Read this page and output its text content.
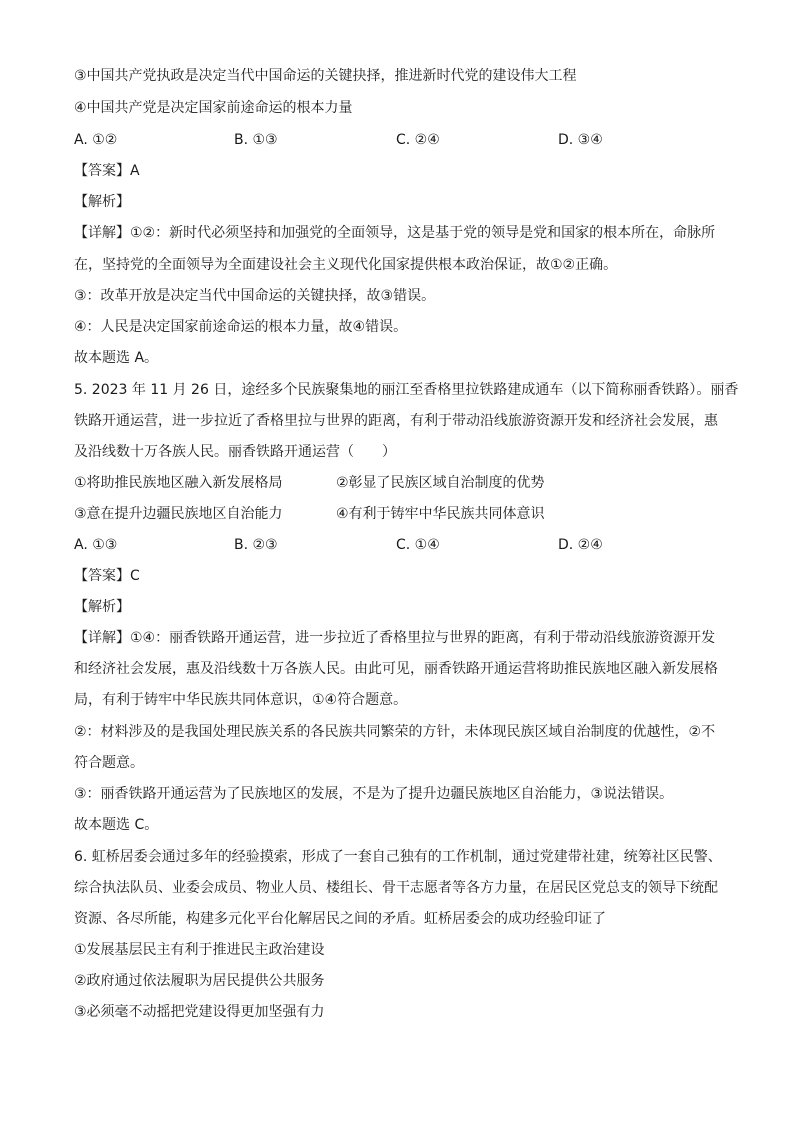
③中国共产党执政是决定当代中国命运的关键抉择，推进新时代党的建设伟大工程
④中国共产党是决定国家前途命运的根本力量
A. ①②	B. ①③	C. ②④	D. ③④
【答案】A
【解析】
【详解】①②：新时代必须坚持和加强党的全面领导，这是基于党的领导是党和国家的根本所在，命脉所
在，坚持党的全面领导为全面建设社会主义现代化国家提供根本政治保证，故①②正确。
③：改革开放是决定当代中国命运的关键抉择，故③错误。
④：人民是决定国家前途命运的根本力量，故④错误。
故本题选 A。
5. 2023 年 11 月 26 日，途经多个民族聚集地的丽江至香格里拉铁路建成通车（以下简称丽香铁路）。丽香
铁路开通运营，进一步拉近了香格里拉与世界的距离，有利于带动沿线旅游资源开发和经济社会发展，惠
及沿线数十万各族人民。丽香铁路开通运营（　　）
①将助推民族地区融入新发展格局	②彰显了民族区域自治制度的优势
③意在提升边疆民族地区自治能力	④有利于铸牢中华民族共同体意识
A. ①③	B. ②③	C. ①④	D. ②④
【答案】C
【解析】
【详解】①④：丽香铁路开通运营，进一步拉近了香格里拉与世界的距离，有利于带动沿线旅游资源开发
和经济社会发展，惠及沿线数十万各族人民。由此可见，丽香铁路开通运营将助推民族地区融入新发展格
局，有利于铸牢中华民族共同体意识，①④符合题意。
②：材料涉及的是我国处理民族关系的各民族共同繁荣的方针，未体现民族区域自治制度的优越性，②不
符合题意。
③：丽香铁路开通运营为了民族地区的发展，不是为了提升边疆民族地区自治能力，③说法错误。
故本题选 C。
6. 虹桥居委会通过多年的经验摸索，形成了一套自己独有的工作机制，通过党建带社建，统筹社区民警、
综合执法队员、业委会成员、物业人员、楼组长、骨干志愿者等各方力量，在居民区党总支的领导下统配
资源、各尽所能，构建多元化平台化解居民之间的矛盾。虹桥居委会的成功经验印证了
①发展基层民主有利于推进民主政治建设
②政府通过依法履职为居民提供公共服务
③必须毫不动摇把党建设得更加坚强有力
